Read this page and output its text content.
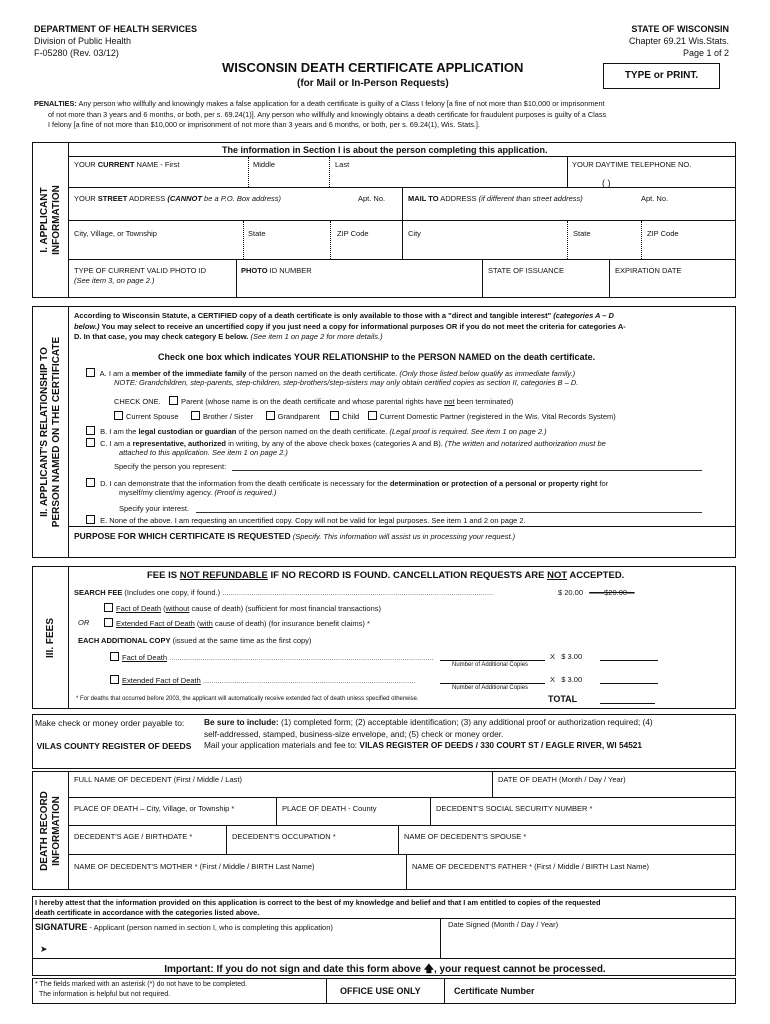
DEPARTMENT OF HEALTH SERVICES
Division of Public Health
F-05280 (Rev. 03/12)
STATE OF WISCONSIN
Chapter 69.21 Wis.Stats.
Page 1 of 2
WISCONSIN DEATH CERTIFICATE APPLICATION
(for Mail or In-Person Requests)
TYPE or PRINT.
PENALTIES: Any person who willfully and knowingly makes a false application for a death certificate is guilty of a Class I felony [a fine of not more than $10,000 or imprisonment
of not more than 3 years and 6 months, or both, per s. 69.24(1)]. Any person who willfully and knowingly obtains a death certificate for fraudulent purposes is guilty of a Class
I felony [a fine of not more than $10,000 or imprisonment of not more than 3 years and 6 months, or both, per s. 69.24(1), Wis. Stats.].
I. APPLICANT
INFORMATION
The information in Section I is about the person completing this application.
YOUR CURRENT NAME - First	Middle	Last	YOUR DAYTIME TELEPHONE NO.
( )
YOUR STREET ADDRESS (CANNOT be a P.O. Box address)	Apt. No.	MAIL TO ADDRESS (if different than street address)	Apt. No.
City, Village, or Township	State	ZIP Code	City	State	ZIP Code
TYPE OF CURRENT VALID PHOTO ID
(See item 3, on page 2.)
PHOTO ID NUMBER	STATE OF ISSUANCE	EXPIRATION DATE
II. APPLICANT'S RELATIONSHIP TO
PERSON NAMED ON THE CERTIFICATE
According to Wisconsin Statute, a CERTIFIED copy of a death certificate is only available to those with a "direct and tangible interest" (categories A – D
below.) You may select to receive an uncertified copy if you just need a copy for informational purposes OR if you do not meet the criteria for categories A-
D. In that case, you may check category E below. (See item 1 on page 2 for more details.)
Check one box which indicates YOUR RELATIONSHIP to the PERSON NAMED on the death certificate.
A. I am a member of the immediate family of the person named on the death certificate. (Only those listed below qualify as immediate family.)
NOTE: Grandchildren, step-parents, step-children, step-brothers/step-sisters may only obtain certified copies as section II, categories B – D.
CHECK ONE.	Parent (whose name is on the death certificate and whose parental rights have not been terminated)
Current Spouse	Brother / Sister	Grandparent	Child	Current Domestic Partner (registered in the Wis. Vital Records System)
B. I am the legal custodian or guardian of the person named on the death certificate. (Legal proof is required. See item 1 on page 2.)
C. I am a representative, authorized in writing, by any of the above check boxes (categories A and B). (The written and notarized authorization must be
attached to this application. See item 1 on page 2.)
Specify the person you represent:
D. I can demonstrate that the information from the death certificate is necessary for the determination or protection of a personal or property right for
myself/my client/my agency. (Proof is required.)
Specify your interest.
E. None of the above. I am requesting an uncertified copy. Copy will not be valid for legal purposes. See item 1 and 2 on page 2.
PURPOSE FOR WHICH CERTIFICATE IS REQUESTED (Specify. This information will assist us in processing your request.)
III. FEES
FEE IS NOT REFUNDABLE IF NO RECORD IS FOUND. CANCELLATION REQUESTS ARE NOT ACCEPTED.
SEARCH FEE (Includes one copy, if found.) ..................................................................................................................................	$ 20.00 ——$20.00—
Fact of Death (without cause of death) (sufficient for most financial transactions)
OR	Extended Fact of Death (with cause of death) (for insurance benefit claims) *
EACH ADDITIONAL COPY (issued at the same time as the first copy)
Fact of Death ...............................................................................................................................
Number of Additional Copies
X $ 3.00
Extended Fact of Death ......................................................................................................
Number of Additional Copies
X $ 3.00
* For deaths that occurred before 2003, the applicant will automatically receive extended fact of death unless specified otherwise.	TOTAL
Make check or money order payable to:
VILAS COUNTY REGISTER OF DEEDS
Be sure to include: (1) completed form; (2) acceptable identification; (3) any additional proof or authorization required; (4)
self-addressed, stamped, business-size envelope, and; (5) check or money order.
Mail your application materials and fee to: VILAS REGISTER OF DEEDS / 330 COURT ST / EAGLE RIVER, WI 54521
DEATH RECORD
INFORMATION
FULL NAME OF DECEDENT (First / Middle / Last)	DATE OF DEATH (Month / Day / Year)
PLACE OF DEATH – City, Village, or Township *	PLACE OF DEATH - County	DECEDENT'S SOCIAL SECURITY NUMBER *
DECEDENT'S AGE / BIRTHDATE *	DECEDENT'S OCCUPATION *	NAME OF DECEDENT'S SPOUSE *
NAME OF DECEDENT'S MOTHER * (First / Middle / BIRTH Last Name)	NAME OF DECEDENT'S FATHER * (First / Middle / BIRTH Last Name)
I hereby attest that the information provided on this application is correct to the best of my knowledge and belief and that I am entitled to copies of the requested
death certificate in accordance with the categories listed above.
SIGNATURE - Applicant (person named in section I, who is completing this application)
➤
Date Signed (Month / Day / Year)
Important: If you do not sign and date this form above 🡅, your request cannot be processed.
* The fields marked with an asterisk (*) do not have to be completed.
The information is helpful but not required.	OFFICE USE ONLY	Certificate Number
